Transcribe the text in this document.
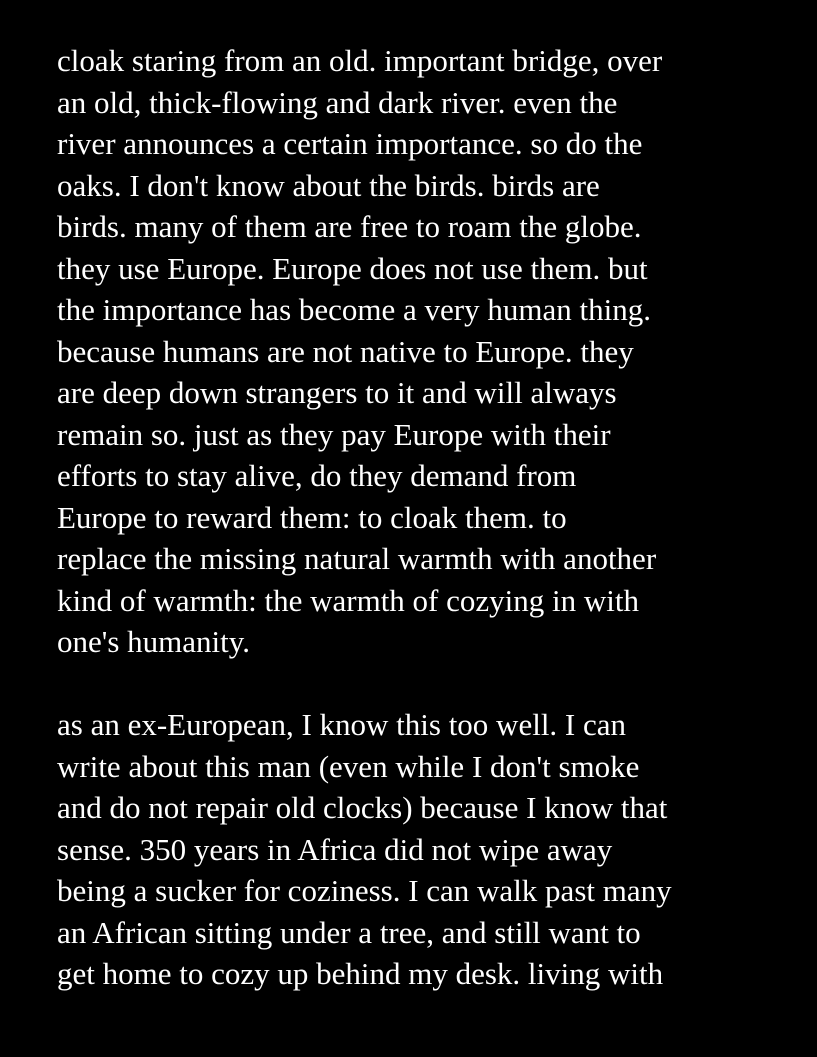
cloak staring from an old. important bridge, over
an old, thick-flowing and dark river. even the
river announces a certain importance. so do the
oaks. I don't know about the birds. birds are
birds. many of them are free to roam the globe.
they use Europe. Europe does not use them. but
the importance has become a very human thing.
because humans are not native to Europe. they
are deep down strangers to it and will always
remain so. just as they pay Europe with their
efforts to stay alive, do they demand from
Europe to reward them: to cloak them. to
replace the missing natural warmth with another
kind of warmth: the warmth of cozying in with
one's humanity.

as an ex-European, I know this too well. I can
write about this man (even while I don't smoke
and do not repair old clocks) because I know that
sense. 350 years in Africa did not wipe away
being a sucker for coziness. I can walk past many
an African sitting under a tree, and still want to
get home to cozy up behind my desk. living with
